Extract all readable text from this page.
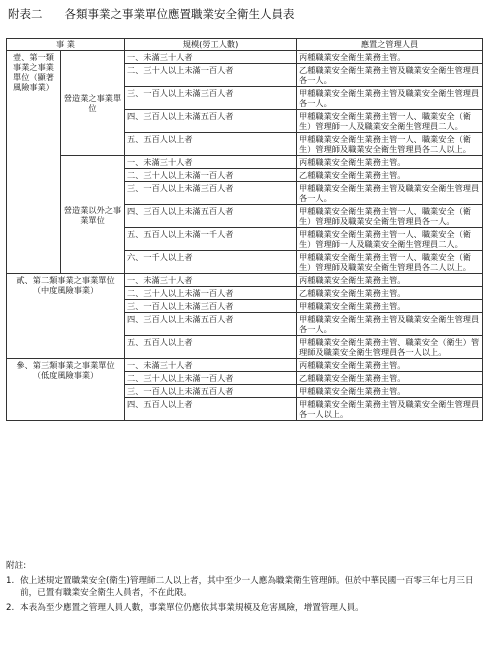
附表二 各類事業之事業單位應置職業安全衛生人員表
事 業		規模(勞工人數)	應置之管理人員
壹、第一類事業之事業單位（顯著風險事業）	營造業之事業單位	一、未滿三十人者	丙種職業安全衛生業務主管。
		二、三十人以上未滿一百人者	乙種職業安全衛生業務主管及職業安全衛生管理員各一人。
		三、一百人以上未滿三百人者	甲種職業安全衛生業務主管及職業安全衛生管理員各一人。
		四、三百人以上未滿五百人者	甲種職業安全衛生業務主管一人、職業安全（衛生）管理師一人及職業安全衛生管理員二人。
		五、五百人以上者	甲種職業安全衛生業務主管一人、職業安全（衛生）管理師及職業安全衛生管理員各二人以上。
	營造業以外之事業單位	一、未滿三十人者	丙種職業安全衛生業務主管。
		二、三十人以上未滿一百人者	乙種職業安全衛生業務主管。
		三、一百人以上未滿三百人者	甲種職業安全衛生業務主管及職業安全衛生管理員各一人。
		四、三百人以上未滿五百人者	甲種職業安全衛生業務主管一人、職業安全（衛生）管理師及職業安全衛生管理員各一人。
		五、五百人以上未滿一千人者	甲種職業安全衛生業務主管一人、職業安全（衛生）管理師一人及職業安全衛生管理員二人。
		六、一千人以上者	甲種職業安全衛生業務主管一人、職業安全（衛生）管理師及職業安全衛生管理員各二人以上。
貳、第二類事業之事業單位（中度風險事業）		一、未滿三十人者	丙種職業安全衛生業務主管。
		二、三十人以上未滿一百人者	乙種職業安全衛生業務主管。
		三、一百人以上未滿三百人者	甲種職業安全衛生業務主管。
		四、三百人以上未滿五百人者	甲種職業安全衛生業務主管及職業安全衛生管理員各一人。
		五、五百人以上者	甲種職業安全衛生業務主管、職業安全（衛生）管理師及職業安全衛生管理員各一人以上。
參、第三類事業之事業單位（低度風險事業）		一、未滿三十人者	丙種職業安全衛生業務主管。
		二、三十人以上未滿一百人者	乙種職業安全衛生業務主管。
		三、一百人以上未滿五百人者	甲種職業安全衛生業務主管。
		四、五百人以上者	甲種職業安全衛生業務主管及職業安全衛生管理員各一人以上。
附註:
1. 依上述規定置職業安全(衛生)管理師二人以上者，其中至少一人應為職業衛生管理師。但於中華民國一百零三年七月三日前，已置有職業安全衛生人員者，不在此限。
2. 本表為至少應置之管理人員人數，事業單位仍應依其事業規模及危害風險，增置管理人員。
